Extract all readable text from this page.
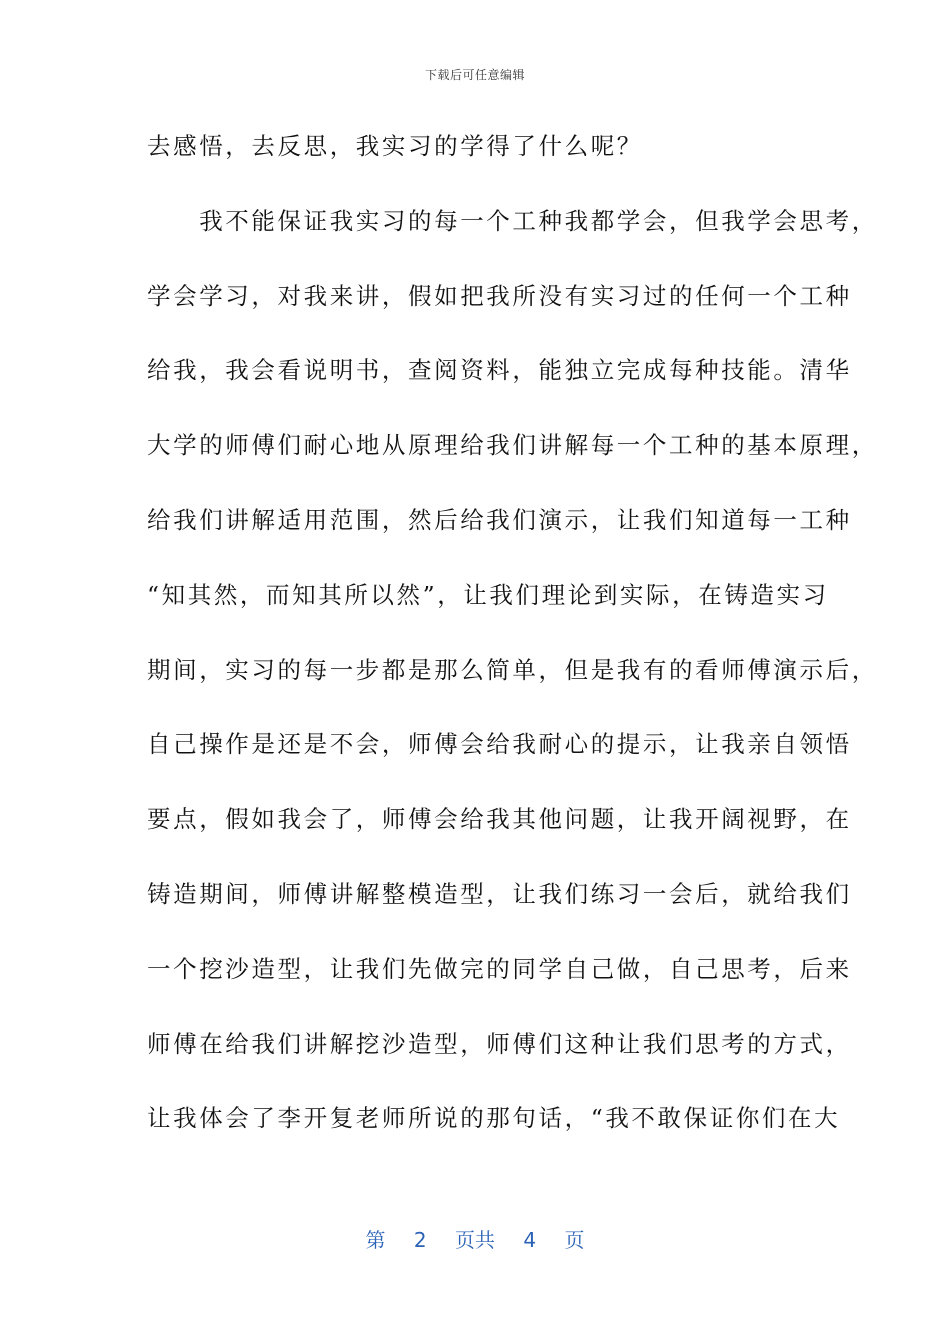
下载后可任意编辑
去感悟，去反思，我实习的学得了什么呢？
　　我不能保证我实习的每一个工种我都学会，但我学会思考，
学会学习，对我来讲，假如把我所没有实习过的任何一个工种
给我，我会看说明书，查阅资料，能独立完成每种技能。清华
大学的师傅们耐心地从原理给我们讲解每一个工种的基本原理，
给我们讲解适用范围，然后给我们演示，让我们知道每一工种
“知其然，而知其所以然”，让我们理论到实际，在铸造实习
期间，实习的每一步都是那么简单，但是我有的看师傅演示后，
自己操作是还是不会，师傅会给我耐心的提示，让我亲自领悟
要点，假如我会了，师傅会给我其他问题，让我开阔视野，在
铸造期间，师傅讲解整模造型，让我们练习一会后，就给我们
一个挖沙造型，让我们先做完的同学自己做，自己思考，后来
师傅在给我们讲解挖沙造型，师傅们这种让我们思考的方式，
让我体会了李开复老师所说的那句话，“我不敢保证你们在大
第 2 页共 4 页
